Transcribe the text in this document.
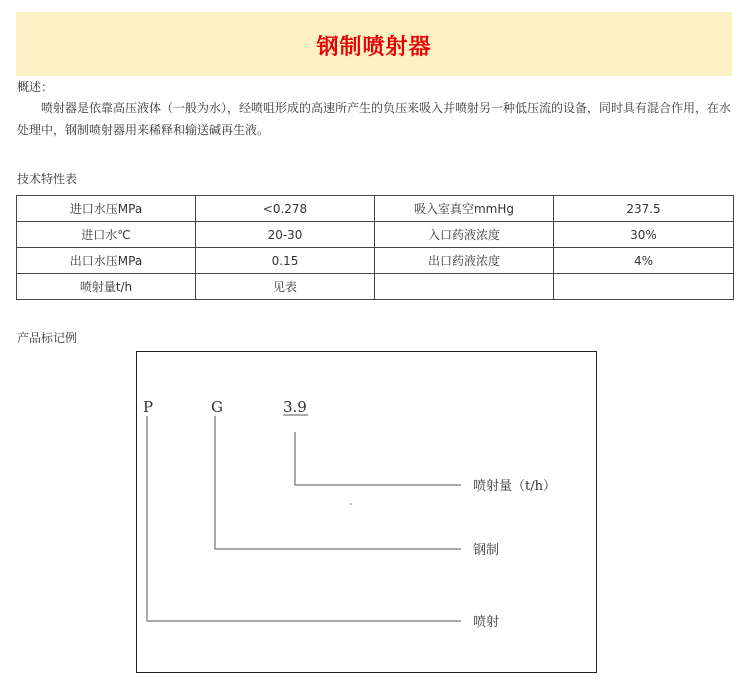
钢制喷射器
概述：
喷射器是依靠高压液体（一般为水），经喷咀形成的高速所产生的负压来吸入并喷射另一种低压流的设备，同时具有混合作用，在水处理中，钢制喷射器用来稀释和输送碱再生液。
技术特性表
进口水压MPa	<0.278	吸入室真空mmHg	237.5
进口水℃	20-30	入口药液浓度	30%
出口水压MPa	0.15	出口药液浓度	4%
喷射量t/h	见表		
产品标记例
P	G	3.9
喷射量（t/h）
钢制
喷射
